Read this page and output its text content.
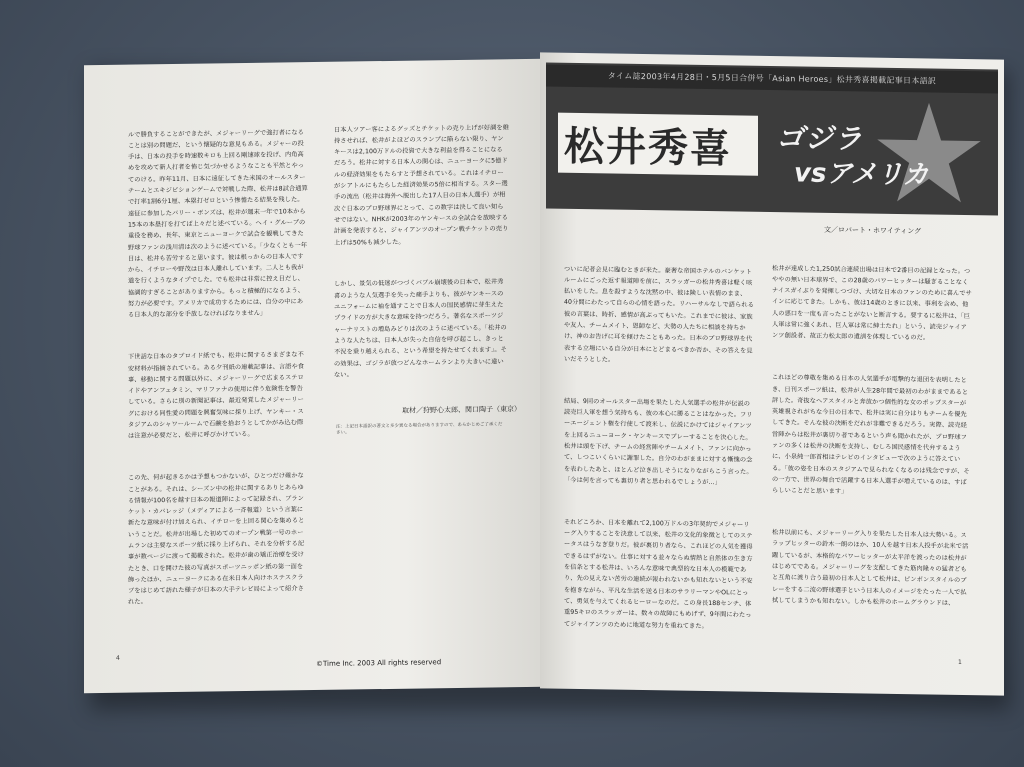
ルで勝負することができたが、メジャーリーグで強打者になることは別の問題だ、という懐疑的な意見もある。メジャーの投手は、日本の投手を時速数キロも上回る剛速球を投げ、内角高めを攻めて新人打者を怖じ気づかせるようなことも平然とやってのける。昨年11月、日本に遠征してきた米国のオールスターチームとエキジビションゲームで対戦した際、松井は8試合通算で打率1割6分1厘、本塁打ゼロという惨憺たる結果を残した。遠征に参加したバリー・ボンズは、松井が週末一年で10本から15本の本塁打を打てば上々だと述べている。ヘイ・グループの重役を務め、長年、東京とニューヨークで試合を観戦してきた野球ファンの浅川清は次のように述べている。「少なくとも一年目は、松井も苦労すると思います。彼は根っからの日本人ですから、イチローや野茂は日本人離れしています。二人とも我が道を行くようなタイプでした。でも松井は非常に控え目だし、協調的すぎることがありますから。もっと積極的になるよう、努力が必要です。アメリカで成功するためには、自分の中にある日本人的な部分を手放しなければなりません」

下世話な日本のタブロイド紙でも、松井に関するさまざまな不安材料が指摘されている。ある夕刊紙の連載記事は、言語や食事、移動に関する問題以外に、メジャーリーグで広まるステロイドやアンフェタミン、マリファナの使用に伴う危険性を警告している。さらに別の新聞記事は、最近発覚したメジャーリーグにおける同性愛の問題を興奮気味に採り上げ、ヤンキー・スタジアムのシャワールームで石鹸を拾おうとしてかがみ込む際は注意が必要だと、松井に呼びかけている。

この先、何が起きるかは予想もつかないが、ひとつだけ確かなことがある。それは、シーズン中の松井に関するありとあらゆる情報が100名を越す日本の報道陣によって記録され、ブランケット・カバレッジ（メディアによる一斉報道）という言葉に新たな意味が付け加えられ、イチローを上回る関心を集めるということだ。松井が出場した初めてのオープン戦第一号のホームランは主要なスポーツ紙に採り上げられ、それを分析する記事が数ページに渡って掲載された。松井が歯の矯正治療を受けたとき、口を開けた彼の写真がスポーツニッポン紙の第一面を飾ったほか、ニューヨークにある在米日本人向けホステスクラブをはじめて訪れた様子が日本の大手テレビ局によって紹介された。

日本人ツアー客によるグッズとチケットの売り上げが好調を維持させれば、松井がよほどのスランプに陥らない限り、ヤンキースは2,100万ドルの投資で大きな利益を得ることになるだろう。松井に対する日本人の関心は、ニューヨークに5億ドルの経済効果をもたらすと予想されている。これはイチローがシアトルにもたらした経済効果の5倍に相当する。スター選手の流出（松井は海外へ脱出した17人目の日本人選手）が相次ぐ日本のプロ野球界にとって、この数字は決して良い知らせではない。NHKが2003年のヤンキースの全試合を放映する計画を発表すると、ジャイアンツのオープン戦チケットの売り上げは50%も減少した。

しかし、景気の低迷がつづくバブル崩壊後の日本で、松井秀喜のような人気選手を失った痛手よりも、彼がヤンキースのユニフォームに袖を通すことで日本人の国民感情に芽生えたプライドの方が大きな意味を持つだろう。著名なスポーツジャーナリストの増島みどりは次のように述べている。「松井のような人たちは、日本人が失った自信を呼び起こし、きっと不況を乗り越えられる、という希望を持たせてくれます」。その効果は、ゴジラが放つどんなホームランより大きいに違いない。

取材／狩野心太郎、関口陶子（東京）
注：上記日本語訳の著文と多少異なる場合がありますので、あらかじめご了承ください。
4	©Time Inc. 2003 All rights reserved
タイム誌2003年4月28日・5月5日合併号「Asian Heroes」松井秀喜掲載記事日本語訳
松井秀喜 ゴジラ
vsアメリカ
文／ロバート・ホワイティング

ついに記者会見に臨むときが来た。豪奢な帝国ホテルのバンケットルームにごった返す報道陣を前に、スラッガーの松井秀喜は軽く咳払いをした。息を殺すような沈黙の中、彼は険しい表情のまま、40分間にわたって自らの心情を語った。リハーサルなしで語られる彼の言葉は、時折、感情が高ぶってもいた。これまでに彼は、家族や友人、チームメイト、恩師など、大勢の人たちに相談を持ちかけ、神のお告げに耳を傾けたこともあった。日本のプロ野球界を代表する立場にいる自分が日本にとどまるべきか否か、その答えを見いだそうとした。

結局、9回のオールスター出場を果たした人気選手の松井が伝説の読売巨人軍を想う気持ちも、彼の本心に勝ることはなかった。フリーエージェント権を行使して渡米し、伝説にかけてはジャイアンツを上回るニューヨーク・ヤンキースでプレーすることを決心した。松井は頭を下げ、チームの経営陣やチームメイト、ファンに向かって、しつこいくらいに謝罪した。自分のわがままに対する慚愧の念を表わしたあと、ほとんど泣き出しそうになりながらこう言った。「今は何を言っても裏切り者と思われるでしょうが…」

それどころか、日本を離れて2,100万ドルの3年契約でメジャーリーグ入りすることを決意して以来、松井の文化的象徴としてのステータスはうなぎ登りだ。彼が裏切り者なら、これほどの人気を獲得できるはずがない。仕事に対する並々ならぬ情熱と自然体の生き方を信条とする松井は、いろんな意味で典型的な日本人の模範であり、先の見えない苦労の連続が報われないかも知れないという不安を抱きながら、平凡な生活を送る日本のサラリーマンやOLにとって、勇気を与えてくれるヒーローなのだ。この身長188センチ、体重95キロのスラッガーは、数々の故障にもめげず、9年間にわたってジャイアンツのために地道な努力を重ねてきた。

松井が達成した1,250試合連続出場は日本で2番目の記録となった。つややの無い日本球界で、この28歳のパワーヒッターは騒ぎることなくナイスガイぶりを発揮しつづけ、大切な日本のファンのために喜んでサインに応じてきた。しかも、彼は14歳のときに以来、事利を含め、他人の悪口を一度も言ったことがないと断言する。要するに松井は、「巨人軍は常に強くあれ、巨人軍は常に紳士たれ」という、読売ジャイアンツ創設者、故正力松太郎の遺訓を体現しているのだ。

これほどの尊敬を集める日本の人気選手が電撃的な退団を表明したとき、日刊スポーツ紙は、松井が人生28年間で最初のわがままであると評した。奇抜なヘアスタイルと奔放かつ個性的な女のポップスターが英雄視されがちな今日の日本で、松井は実に自分はりもチームを優先してきた。そんな彼の決断をだれが非難できるだろう。実際、読売経営陣からは松井が裏切り者であるという声も聞かれたが、プロ野球ファンの多くは松井の決断を支持し、むしろ国民感情を代弁するように、小泉純一郎首相はテレビのインタビューで次のように答えている。「彼の姿を日本のスタジアムで見られなくなるのは残念ですが、その一方で、世界の舞台で活躍する日本人選手が増えているのは、すばらしいことだと思います」

松井以前にも、メジャーリーグ入りを果たした日本人は大勢いる。スラップヒッターの鈴木一朗のほか、10人を越す日本人投手が北米で活躍しているが、本格的なパワーヒッターが太平洋を渡ったのは松井がはじめてである。メジャーリーグを支配してきた筋肉隆々の猛者どもと互角に渡り合う最初の日本人として松井は、ピンボンスタイルのプレーをする二流の野球選手という日本人のイメージをたった一人で払拭してしまうかも知れない。しかも松井のホームグラウンドは、

1
